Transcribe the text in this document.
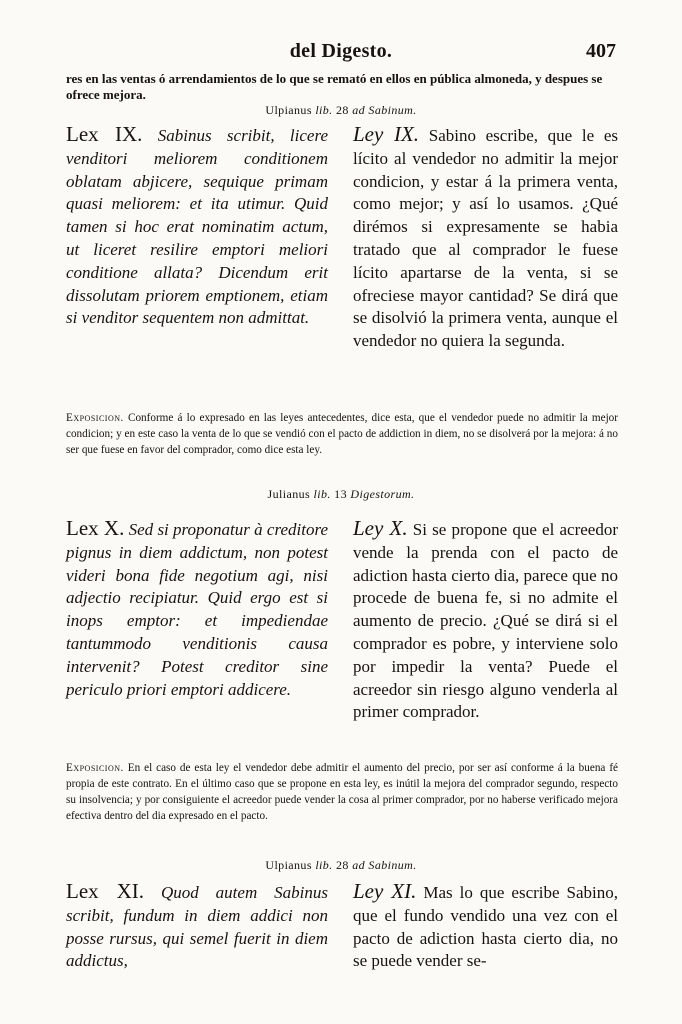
del Digesto.	407
res en las ventas ó arrendamientos de lo que se remató en ellos en pública almoneda, y despues se ofrece mejora.
Ulpianus lib. 28 ad Sabinum.
Lex IX. Sabinus scribit, licere venditori meliorem conditionem oblatam abjicere, sequique primam quasi meliorem: et ita utimur. Quid tamen si hoc erat nominatim actum, ut liceret resilire emptori meliori conditione allata? Dicendum erit dissolutam priorem emptionem, etiam si venditor sequentem non admittat.
Ley IX. Sabino escribe, que le es lícito al vendedor no admitir la mejor condicion, y estar á la primera venta, como mejor; y así lo usamos. ¿Qué dirémos si expresamente se habia tratado que al comprador le fuese lícito apartarse de la venta, si se ofreciese mayor cantidad? Se dirá que se disolvió la primera venta, aunque el vendedor no quiera la segunda.
Exposicion. Conforme á lo expresado en las leyes antecedentes, dice esta, que el vendedor puede no admitir la mejor condicion; y en este caso la venta de lo que se vendió con el pacto de addiction in diem, no se disolverá por la mejora: á no ser que fuese en favor del comprador, como dice esta ley.
Julianus lib. 13 Digestorum.
Lex X. Sed si proponatur à creditore pignus in diem addictum, non potest videri bona fide negotium agi, nisi adjectio recipiatur. Quid ergo est si inops emptor: et impediendae tantummodo venditionis causa intervenit? Potest creditor sine periculo priori emptori addicere.
Ley X. Si se propone que el acreedor vende la prenda con el pacto de adiction hasta cierto dia, parece que no procede de buena fe, si no admite el aumento de precio. ¿Qué se dirá si el comprador es pobre, y interviene solo por impedir la venta? Puede el acreedor sin riesgo alguno venderla al primer comprador.
Exposicion. En el caso de esta ley el vendedor debe admitir el aumento del precio, por ser así conforme á la buena fé propia de este contrato. En el último caso que se propone en esta ley, es inútil la mejora del comprador segundo, respecto su insolvencia; y por consiguiente el acreedor puede vender la cosa al primer comprador, por no haberse verificado mejora efectiva dentro del dia expresado en el pacto.
Ulpianus lib. 28 ad Sabinum.
Lex XI. Quod autem Sabinus scribit, fundum in diem addici non posse rursus, qui semel fuerit in diem addictus,
Ley XI. Mas lo que escribe Sabino, que el fundo vendido una vez con el pacto de adiction hasta cierto dia, no se puede vender se-
